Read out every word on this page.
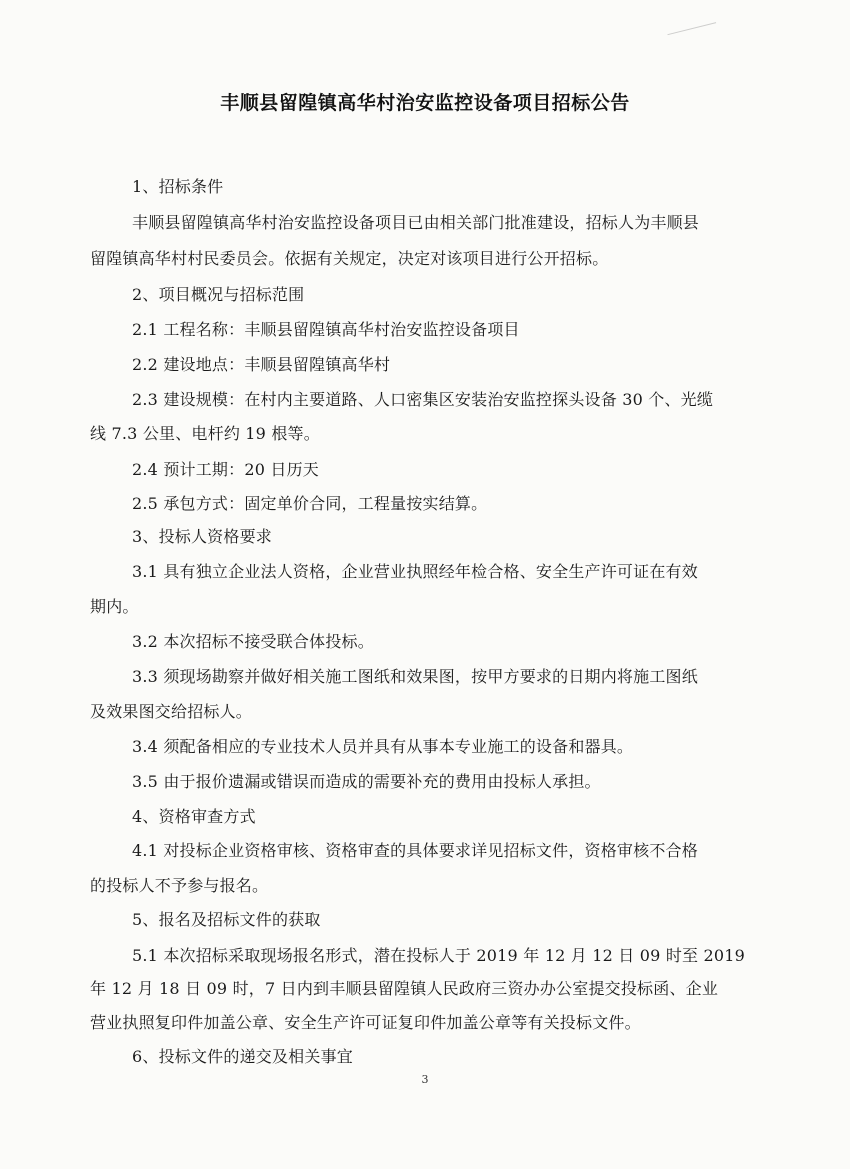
丰顺县留隍镇高华村治安监控设备项目招标公告
1、招标条件
丰顺县留隍镇高华村治安监控设备项目已由相关部门批准建设，招标人为丰顺县
留隍镇高华村村民委员会。依据有关规定，决定对该项目进行公开招标。
2、项目概况与招标范围
2.1 工程名称：丰顺县留隍镇高华村治安监控设备项目
2.2 建设地点：丰顺县留隍镇高华村
2.3 建设规模：在村内主要道路、人口密集区安装治安监控探头设备 30 个、光缆
线 7.3 公里、电杆约 19 根等。
2.4 预计工期：20 日历天
2.5 承包方式：固定单价合同，工程量按实结算。
3、投标人资格要求
3.1 具有独立企业法人资格，企业营业执照经年检合格、安全生产许可证在有效
期内。
3.2 本次招标不接受联合体投标。
3.3 须现场勘察并做好相关施工图纸和效果图，按甲方要求的日期内将施工图纸
及效果图交给招标人。
3.4 须配备相应的专业技术人员并具有从事本专业施工的设备和器具。
3.5 由于报价遗漏或错误而造成的需要补充的费用由投标人承担。
4、资格审查方式
4.1 对投标企业资格审核、资格审查的具体要求详见招标文件，资格审核不合格
的投标人不予参与报名。
5、报名及招标文件的获取
5.1 本次招标采取现场报名形式，潜在投标人于 2019 年 12 月 12 日 09 时至 2019
年 12 月 18 日 09 时，7 日内到丰顺县留隍镇人民政府三资办办公室提交投标函、企业
营业执照复印件加盖公章、安全生产许可证复印件加盖公章等有关投标文件。
6、投标文件的递交及相关事宜
3
